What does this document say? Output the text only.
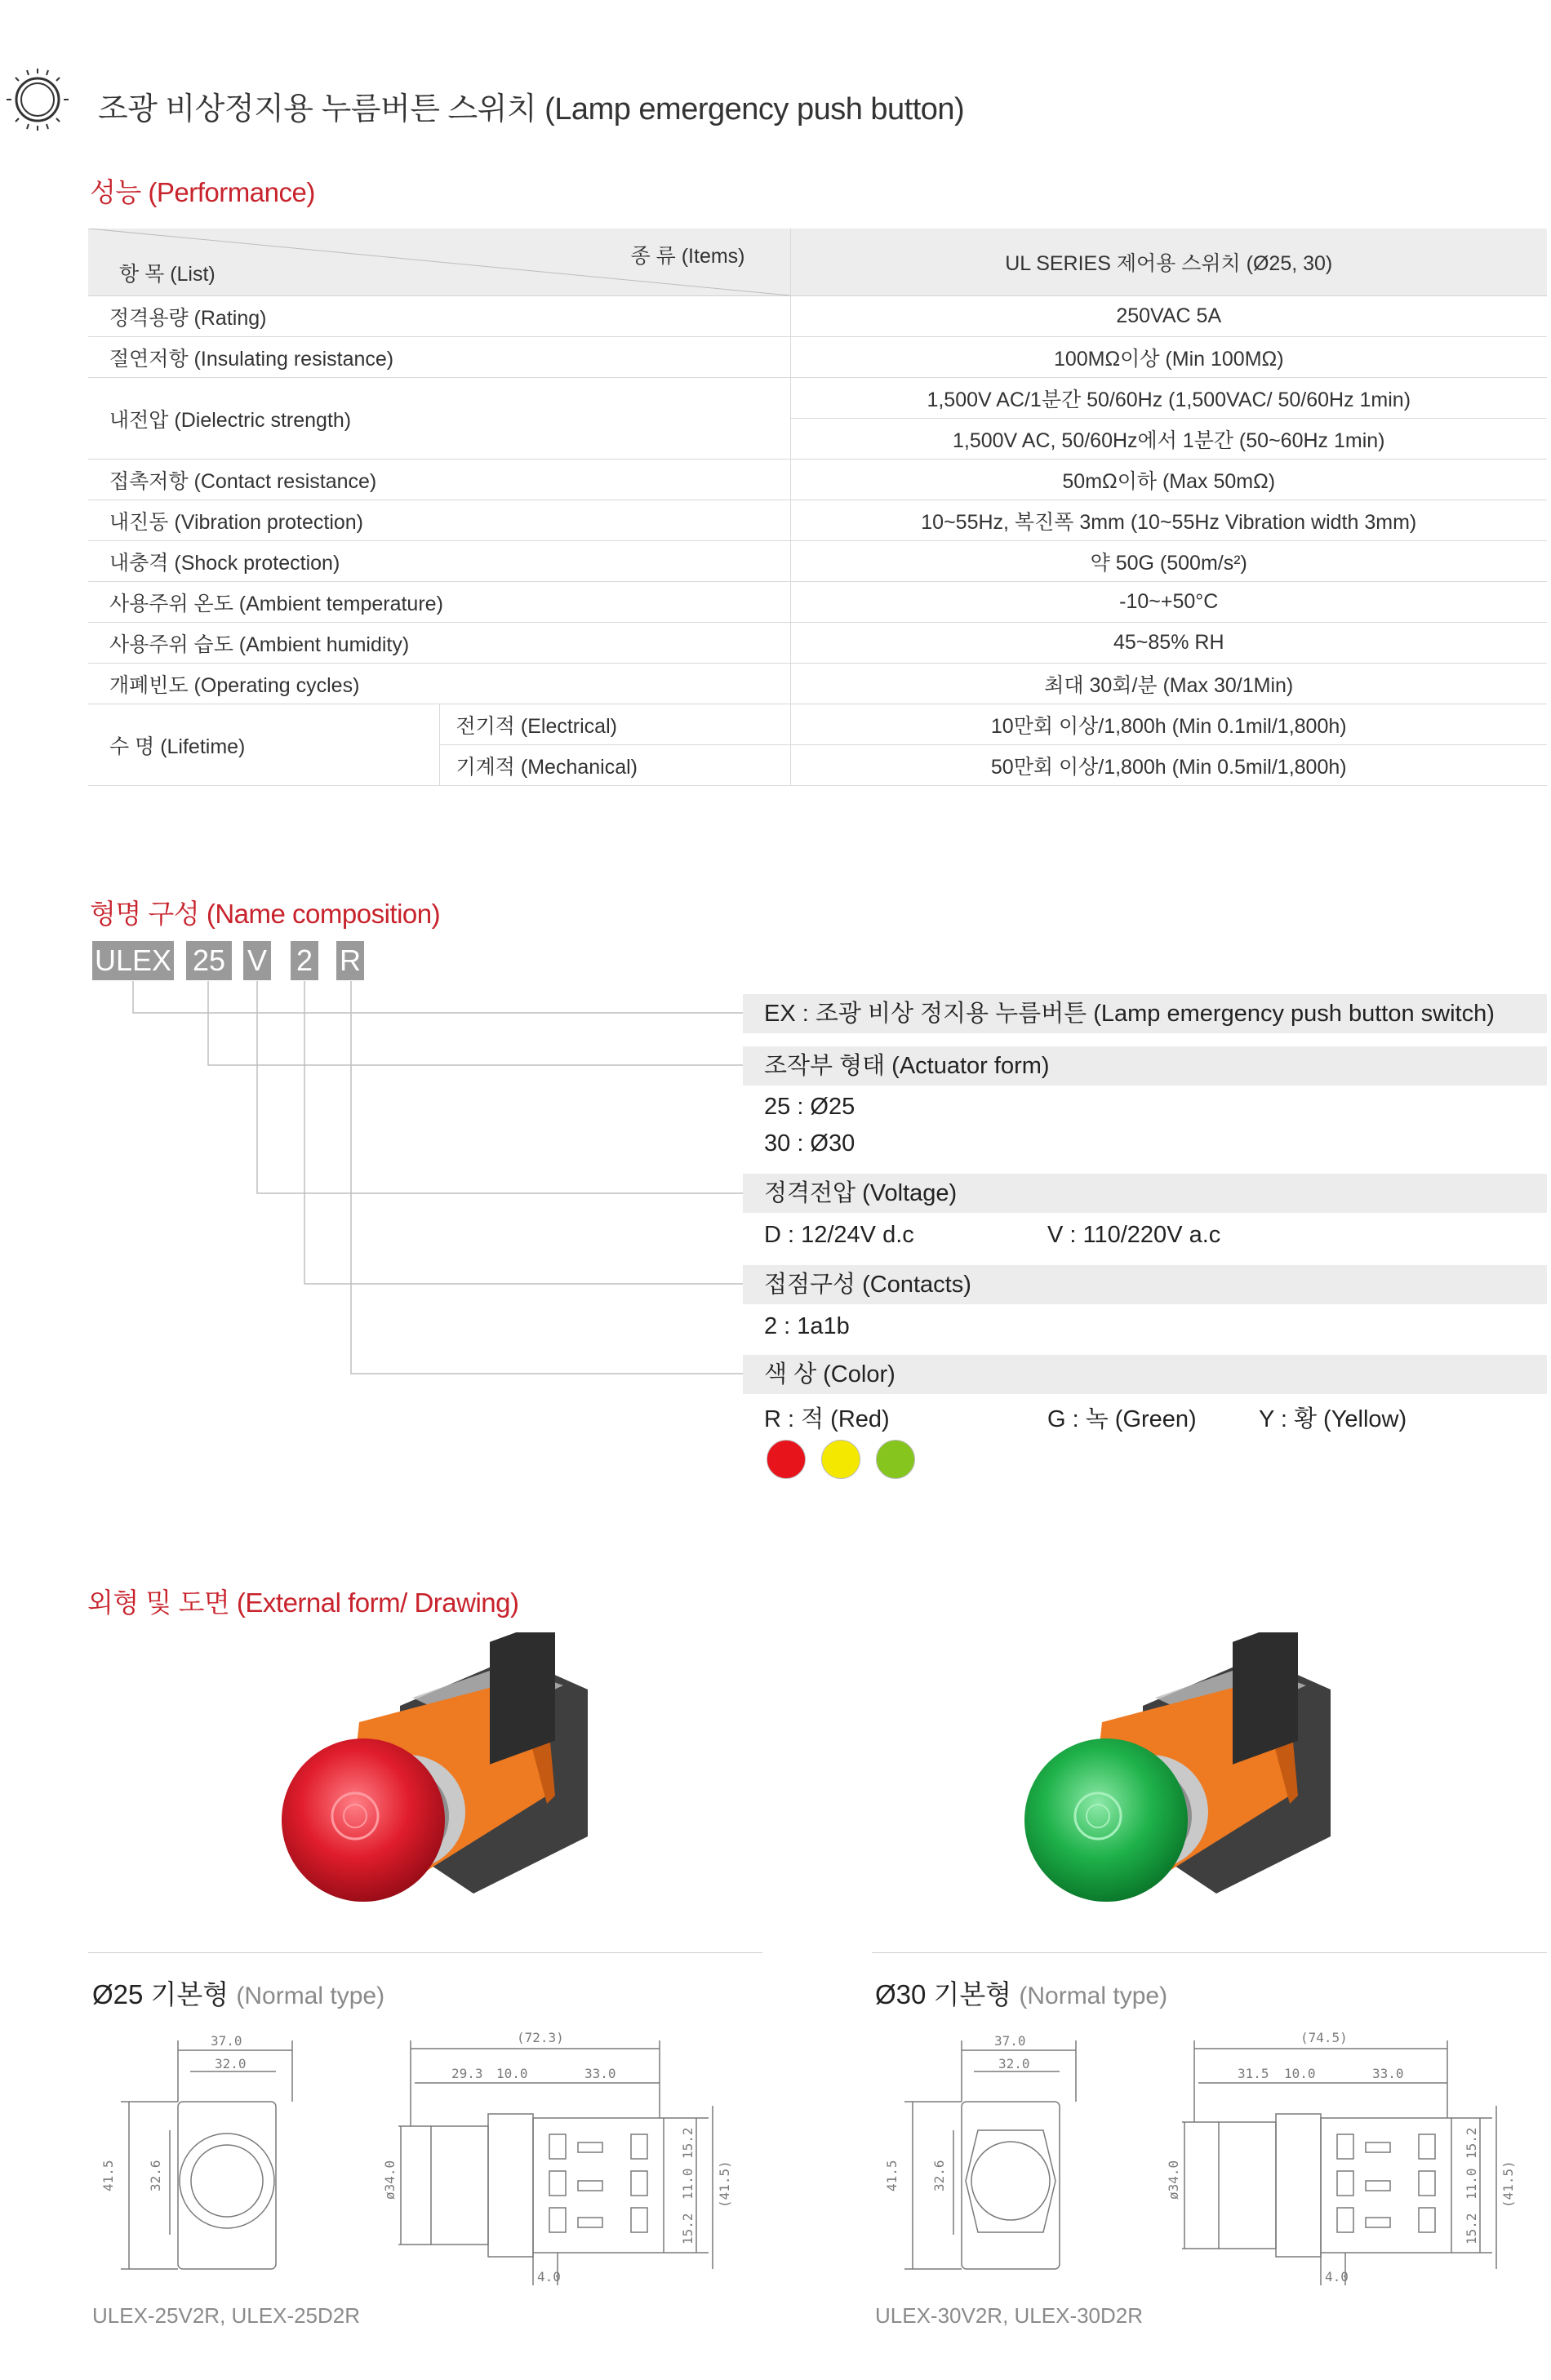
조광 비상정지용 누름버튼 스위치 (Lamp emergency push button)
성능 (Performance)
종 류 (Items)
항 목 (List)		UL SERIES 제어용 스위치 (Ø25, 30)
정격용량 (Rating)		250VAC 5A
절연저항 (Insulating resistance)		100MΩ이상 (Min 100MΩ)
내전압 (Dielectric strength)		1,500V AC/1분간 50/60Hz (1,500VAC/ 50/60Hz 1min)
		1,500V AC, 50/60Hz에서 1분간 (50~60Hz 1min)
접촉저항 (Contact resistance)		50mΩ이하 (Max 50mΩ)
내진동 (Vibration protection)		10~55Hz, 복진폭 3mm (10~55Hz Vibration width 3mm)
내충격 (Shock protection)		약 50G (500m/s²)
사용주위 온도 (Ambient temperature)		-10~+50°C
사용주위 습도 (Ambient humidity)		45~85% RH
개폐빈도 (Operating cycles)		최대 30회/분 (Max 30/1Min)
수 명 (Lifetime)	전기적 (Electrical)	10만회 이상/1,800h (Min 0.1mil/1,800h)
	기계적 (Mechanical)	50만회 이상/1,800h (Min 0.5mil/1,800h)
형명 구성 (Name composition)
ULEX 25 V 2 R
EX : 조광 비상 정지용 누름버튼 (Lamp emergency push button switch)
조작부 형태 (Actuator form)
25 : Ø25
30 : Ø30
정격전압 (Voltage)
D : 12/24V d.c	V : 110/220V a.c
접점구성 (Contacts)
2 : 1a1b
색 상 (Color)
R : 적 (Red)	G : 녹 (Green)	Y : 황 (Yellow)
외형 및 도면 (External form/ Drawing)
Ø25 기본형 (Normal type)	Ø30 기본형 (Normal type)
37.0
32.0
41.5 32.6
(72.3)
29.3 10.0	33.0
ø34.0
15.2
11.0
15.2
(41.5)
4.0
37.0
32.0
41.5 32.6
(74.5)
31.5 10.0	33.0
ø34.0
15.2
11.0
15.2
(41.5)
4.0
ULEX-25V2R, ULEX-25D2R	ULEX-30V2R, ULEX-30D2R
